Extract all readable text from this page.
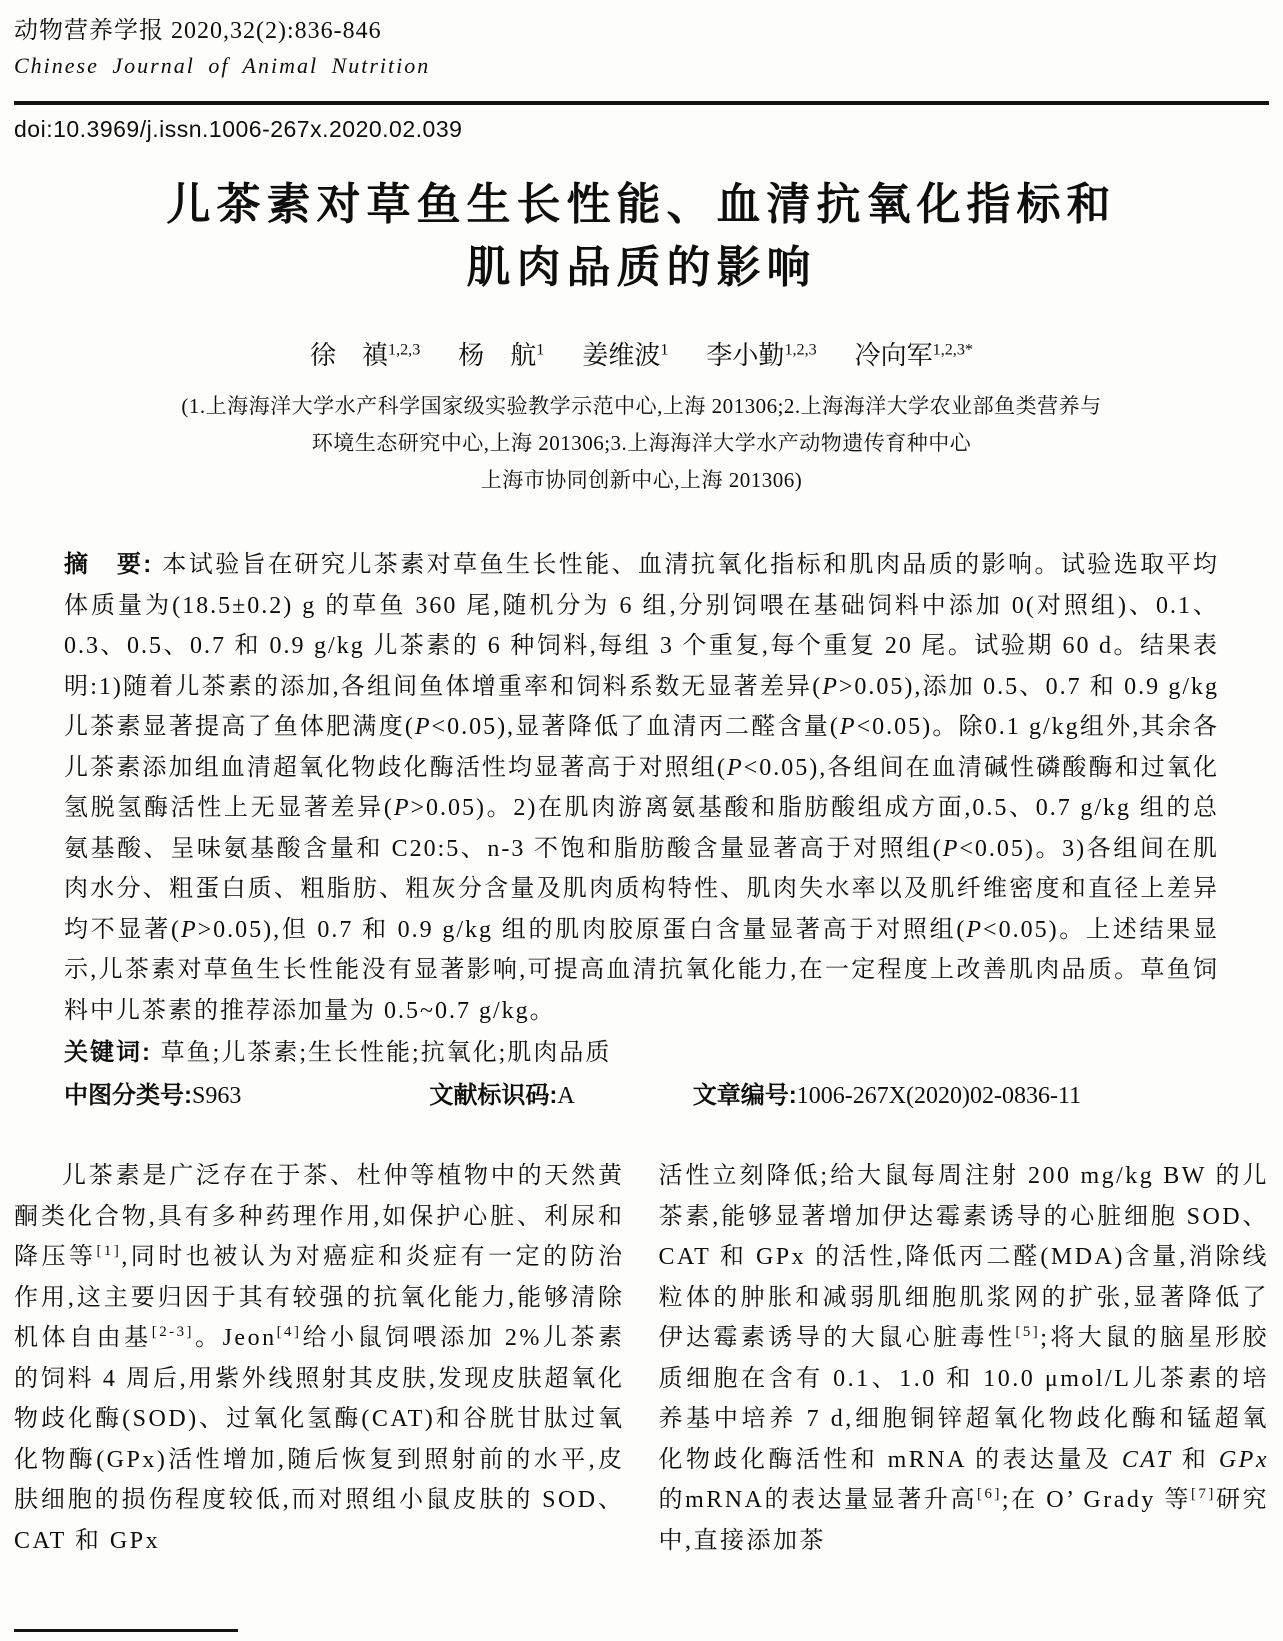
动物营养学报 2020,32(2):836-846
Chinese Journal of Animal Nutrition
doi:10.3969/j.issn.1006-267x.2020.02.039
儿茶素对草鱼生长性能、血清抗氧化指标和
肌肉品质的影响
徐　禛$^{1,2,3}$ 杨　航$^1$ 姜维波$^1$ 李小勤$^{1,2,3}$ 冷向军$^{1,2,3*}$
(1.上海海洋大学水产科学国家级实验教学示范中心,上海 201306;2.上海海洋大学农业部鱼类营养与
环境生态研究中心,上海 201306;3.上海海洋大学水产动物遗传育种中心
上海市协同创新中心,上海 201306)

摘　要: 本试验旨在研究儿茶素对草鱼生长性能、血清抗氧化指标和肌肉品质的影响。试验选取平均体质量为(18.5±0.2) g 的草鱼 360 尾,随机分为 6 组,分别饲喂在基础饲料中添加 0(对照组)、0.1、0.3、0.5、0.7 和 0.9 g/kg 儿茶素的 6 种饲料,每组 3 个重复,每个重复 20 尾。试验期 60 d。结果表明:1)随着儿茶素的添加,各组间鱼体增重率和饲料系数无显著差异(P>0.05),添加 0.5、0.7 和 0.9 g/kg 儿茶素显著提高了鱼体肥满度(P<0.05),显著降低了血清丙二醛含量(P<0.05)。除0.1 g/kg组外,其余各儿茶素添加组血清超氧化物歧化酶活性均显著高于对照组(P<0.05),各组间在血清碱性磷酸酶和过氧化氢脱氢酶活性上无显著差异(P>0.05)。2)在肌肉游离氨基酸和脂肪酸组成方面,0.5、0.7 g/kg 组的总氨基酸、呈味氨基酸含量和 C20:5、n-3 不饱和脂肪酸含量显著高于对照组(P<0.05)。3)各组间在肌肉水分、粗蛋白质、粗脂肪、粗灰分含量及肌肉质构特性、肌肉失水率以及肌纤维密度和直径上差异均不显著(P>0.05),但 0.7 和 0.9 g/kg 组的肌肉胶原蛋白含量显著高于对照组(P<0.05)。上述结果显示,儿茶素对草鱼生长性能没有显著影响,可提高血清抗氧化能力,在一定程度上改善肌肉品质。草鱼饲料中儿茶素的推荐添加量为 0.5~0.7 g/kg。

关键词: 草鱼;儿茶素;生长性能;抗氧化;肌肉品质

中图分类号:S963	文献标识码:A	文章编号:1006-267X(2020)02-0836-11

儿茶素是广泛存在于茶、杜仲等植物中的天然黄酮类化合物,具有多种药理作用,如保护心脏、利尿和降压等[1],同时也被认为对癌症和炎症有一定的防治作用,这主要归因于其有较强的抗氧化能力,能够清除机体自由基[2-3]。Jeon[4]给小鼠饲喂添加 2%儿茶素的饲料 4 周后,用紫外线照射其皮肤,发现皮肤超氧化物歧化酶(SOD)、过氧化氢酶(CAT)和谷胱甘肽过氧化物酶(GPx)活性增加,随后恢复到照射前的水平,皮肤细胞的损伤程度较低,而对照组小鼠皮肤的 SOD、CAT 和 GPx

活性立刻降低;给大鼠每周注射 200 mg/kg BW 的儿茶素,能够显著增加伊达霉素诱导的心脏细胞 SOD、CAT 和 GPx 的活性,降低丙二醛(MDA)含量,消除线粒体的肿胀和减弱肌细胞肌浆网的扩张,显著降低了伊达霉素诱导的大鼠心脏毒性[5];将大鼠的脑星形胶质细胞在含有 0.1、1.0 和 10.0 μmol/L儿茶素的培养基中培养 7 d,细胞铜锌超氧化物歧化酶和锰超氧化物歧化酶活性和 mRNA 的表达量及 CAT 和 GPx 的mRNA的表达量显著升高[6];在 O’ Grady 等[7]研究中,直接添加茶
